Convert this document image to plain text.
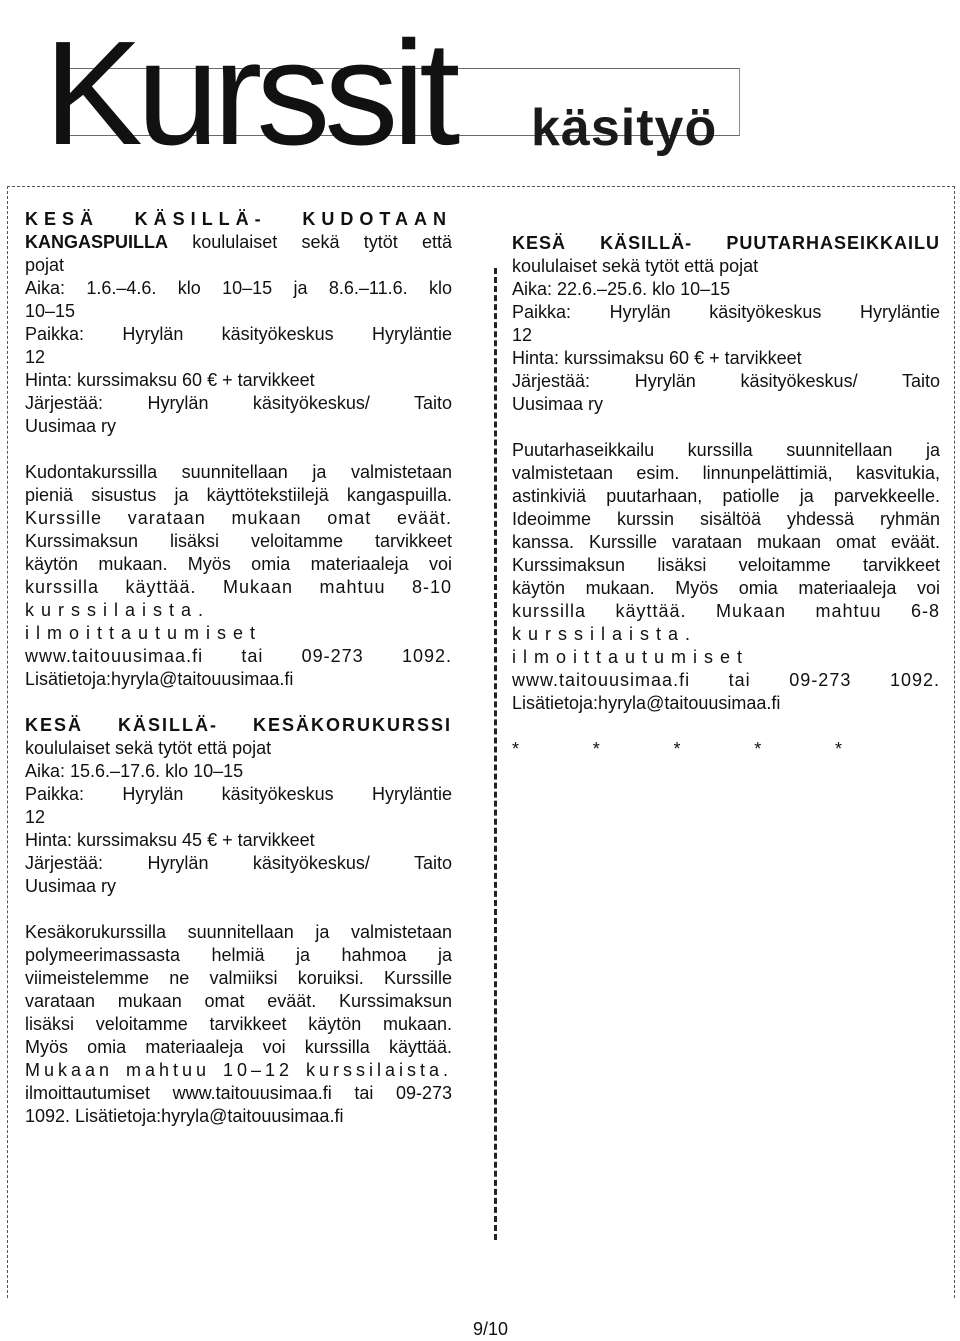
Kurssit käsityö

KESÄ KÄSILLÄ- KUDOTAAN

KANGASPUILLA koululaiset sekä tytöt että

pojat

Aika: 1.6.–4.6. klo 10–15 ja 8.6.–11.6. klo

10–15

Paikka: Hyrylän käsityökeskus Hyryläntie

12

Hinta: kurssimaksu 60 € + tarvikkeet

Järjestää: Hyrylän käsityökeskus/ Taito

Uusimaa ry

Kudontakurssilla suunnitellaan ja valmistetaan

pieniä sisustus ja käyttötekstiilejä kangaspuilla.

Kurssille varataan mukaan omat eväät.

Kurssimaksun lisäksi veloitamme tarvikkeet

käytön mukaan. Myös omia materiaaleja voi

kurssilla käyttää. Mukaan mahtuu 8-10

kurssilaista. ilmoittautumiset

www.taitouusimaa.fi tai 09-273 1092.

Lisätietoja:hyryla@taitouusimaa.fi

KESÄ KÄSILLÄ- KESÄKORUKURSSI

koululaiset sekä tytöt että pojat

Aika: 15.6.–17.6. klo 10–15

Paikka: Hyrylän käsityökeskus Hyryläntie

12

Hinta: kurssimaksu 45 € + tarvikkeet

Järjestää: Hyrylän käsityökeskus/ Taito

Uusimaa ry

Kesäkorukurssilla suunnitellaan ja valmistetaan

polymeerimassasta helmiä ja hahmoa ja

viimeistelemme ne valmiiksi koruiksi. Kurssille

varataan mukaan omat eväät. Kurssimaksun

lisäksi veloitamme tarvikkeet käytön mukaan.

Myös omia materiaaleja voi kurssilla käyttää.

Mukaan mahtuu 10–12 kurssilaista.

ilmoittautumiset www.taitouusimaa.fi tai 09-273

1092. Lisätietoja:hyryla@taitouusimaa.fi

KESÄ KÄSILLÄ- PUUTARHASEIKKAILU

koululaiset sekä tytöt että pojat

Aika: 22.6.–25.6. klo 10–15

Paikka: Hyrylän käsityökeskus Hyryläntie

12

Hinta: kurssimaksu 60 € + tarvikkeet

Järjestää: Hyrylän käsityökeskus/ Taito

Uusimaa ry

Puutarhaseikkailu kurssilla suunnitellaan ja

valmistetaan esim. linnunpelättimiä, kasvitukia,

astinkiviä puutarhaan, patiolle ja parvekkeelle.

Ideoimme kurssin sisältöä yhdessä ryhmän

kanssa. Kurssille varataan mukaan omat eväät.

Kurssimaksun lisäksi veloitamme tarvikkeet

käytön mukaan. Myös omia materiaaleja voi

kurssilla käyttää. Mukaan mahtuu 6-8

kurssilaista. ilmoittautumiset

www.taitouusimaa.fi tai 09-273 1092.

Lisätietoja:hyryla@taitouusimaa.fi

*	*	*	*	*

9/10
